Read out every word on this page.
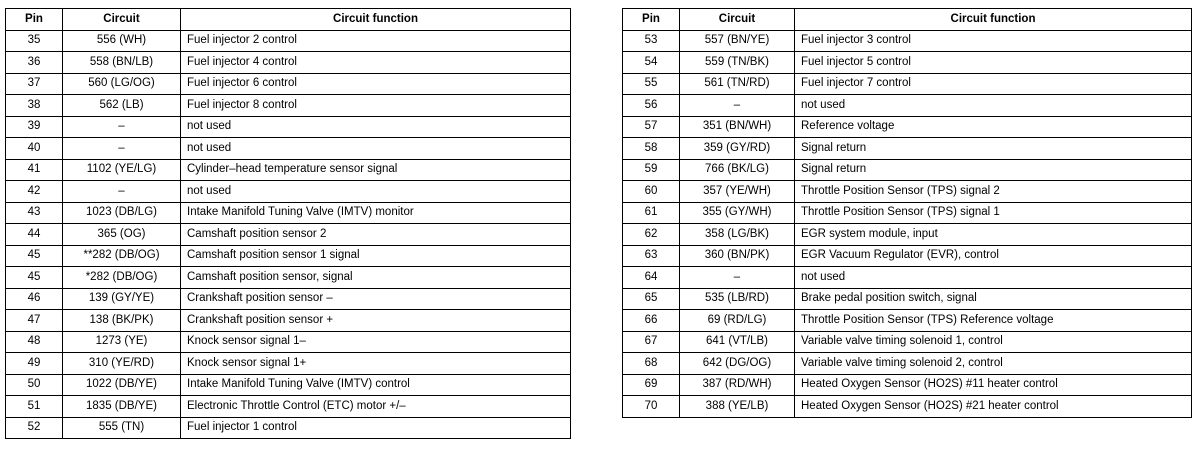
Pin	Circuit	Circuit function
35	556 (WH)	Fuel injector 2 control
36	558 (BN/LB)	Fuel injector 4 control
37	560 (LG/OG)	Fuel injector 6 control
38	562 (LB)	Fuel injector 8 control
39	–	not used
40	–	not used
41	1102 (YE/LG)	Cylinder–head temperature sensor signal
42	–	not used
43	1023 (DB/LG)	Intake Manifold Tuning Valve (IMTV) monitor
44	365 (OG)	Camshaft position sensor 2
45	**282 (DB/OG)	Camshaft position sensor 1 signal
45	*282 (DB/OG)	Camshaft position sensor, signal
46	139 (GY/YE)	Crankshaft position sensor –
47	138 (BK/PK)	Crankshaft position sensor +
48	1273 (YE)	Knock sensor signal 1–
49	310 (YE/RD)	Knock sensor signal 1+
50	1022 (DB/YE)	Intake Manifold Tuning Valve (IMTV) control
51	1835 (DB/YE)	Electronic Throttle Control (ETC) motor +/–
52	555 (TN)	Fuel injector 1 control
Pin	Circuit	Circuit function
53	557 (BN/YE)	Fuel injector 3 control
54	559 (TN/BK)	Fuel injector 5 control
55	561 (TN/RD)	Fuel injector 7 control
56	–	not used
57	351 (BN/WH)	Reference voltage
58	359 (GY/RD)	Signal return
59	766 (BK/LG)	Signal return
60	357 (YE/WH)	Throttle Position Sensor (TPS) signal 2
61	355 (GY/WH)	Throttle Position Sensor (TPS) signal 1
62	358 (LG/BK)	EGR system module, input
63	360 (BN/PK)	EGR Vacuum Regulator (EVR), control
64	–	not used
65	535 (LB/RD)	Brake pedal position switch, signal
66	69 (RD/LG)	Throttle Position Sensor (TPS) Reference voltage
67	641 (VT/LB)	Variable valve timing solenoid 1, control
68	642 (DG/OG)	Variable valve timing solenoid 2, control
69	387 (RD/WH)	Heated Oxygen Sensor (HO2S) #11 heater control
70	388 (YE/LB)	Heated Oxygen Sensor (HO2S) #21 heater control
